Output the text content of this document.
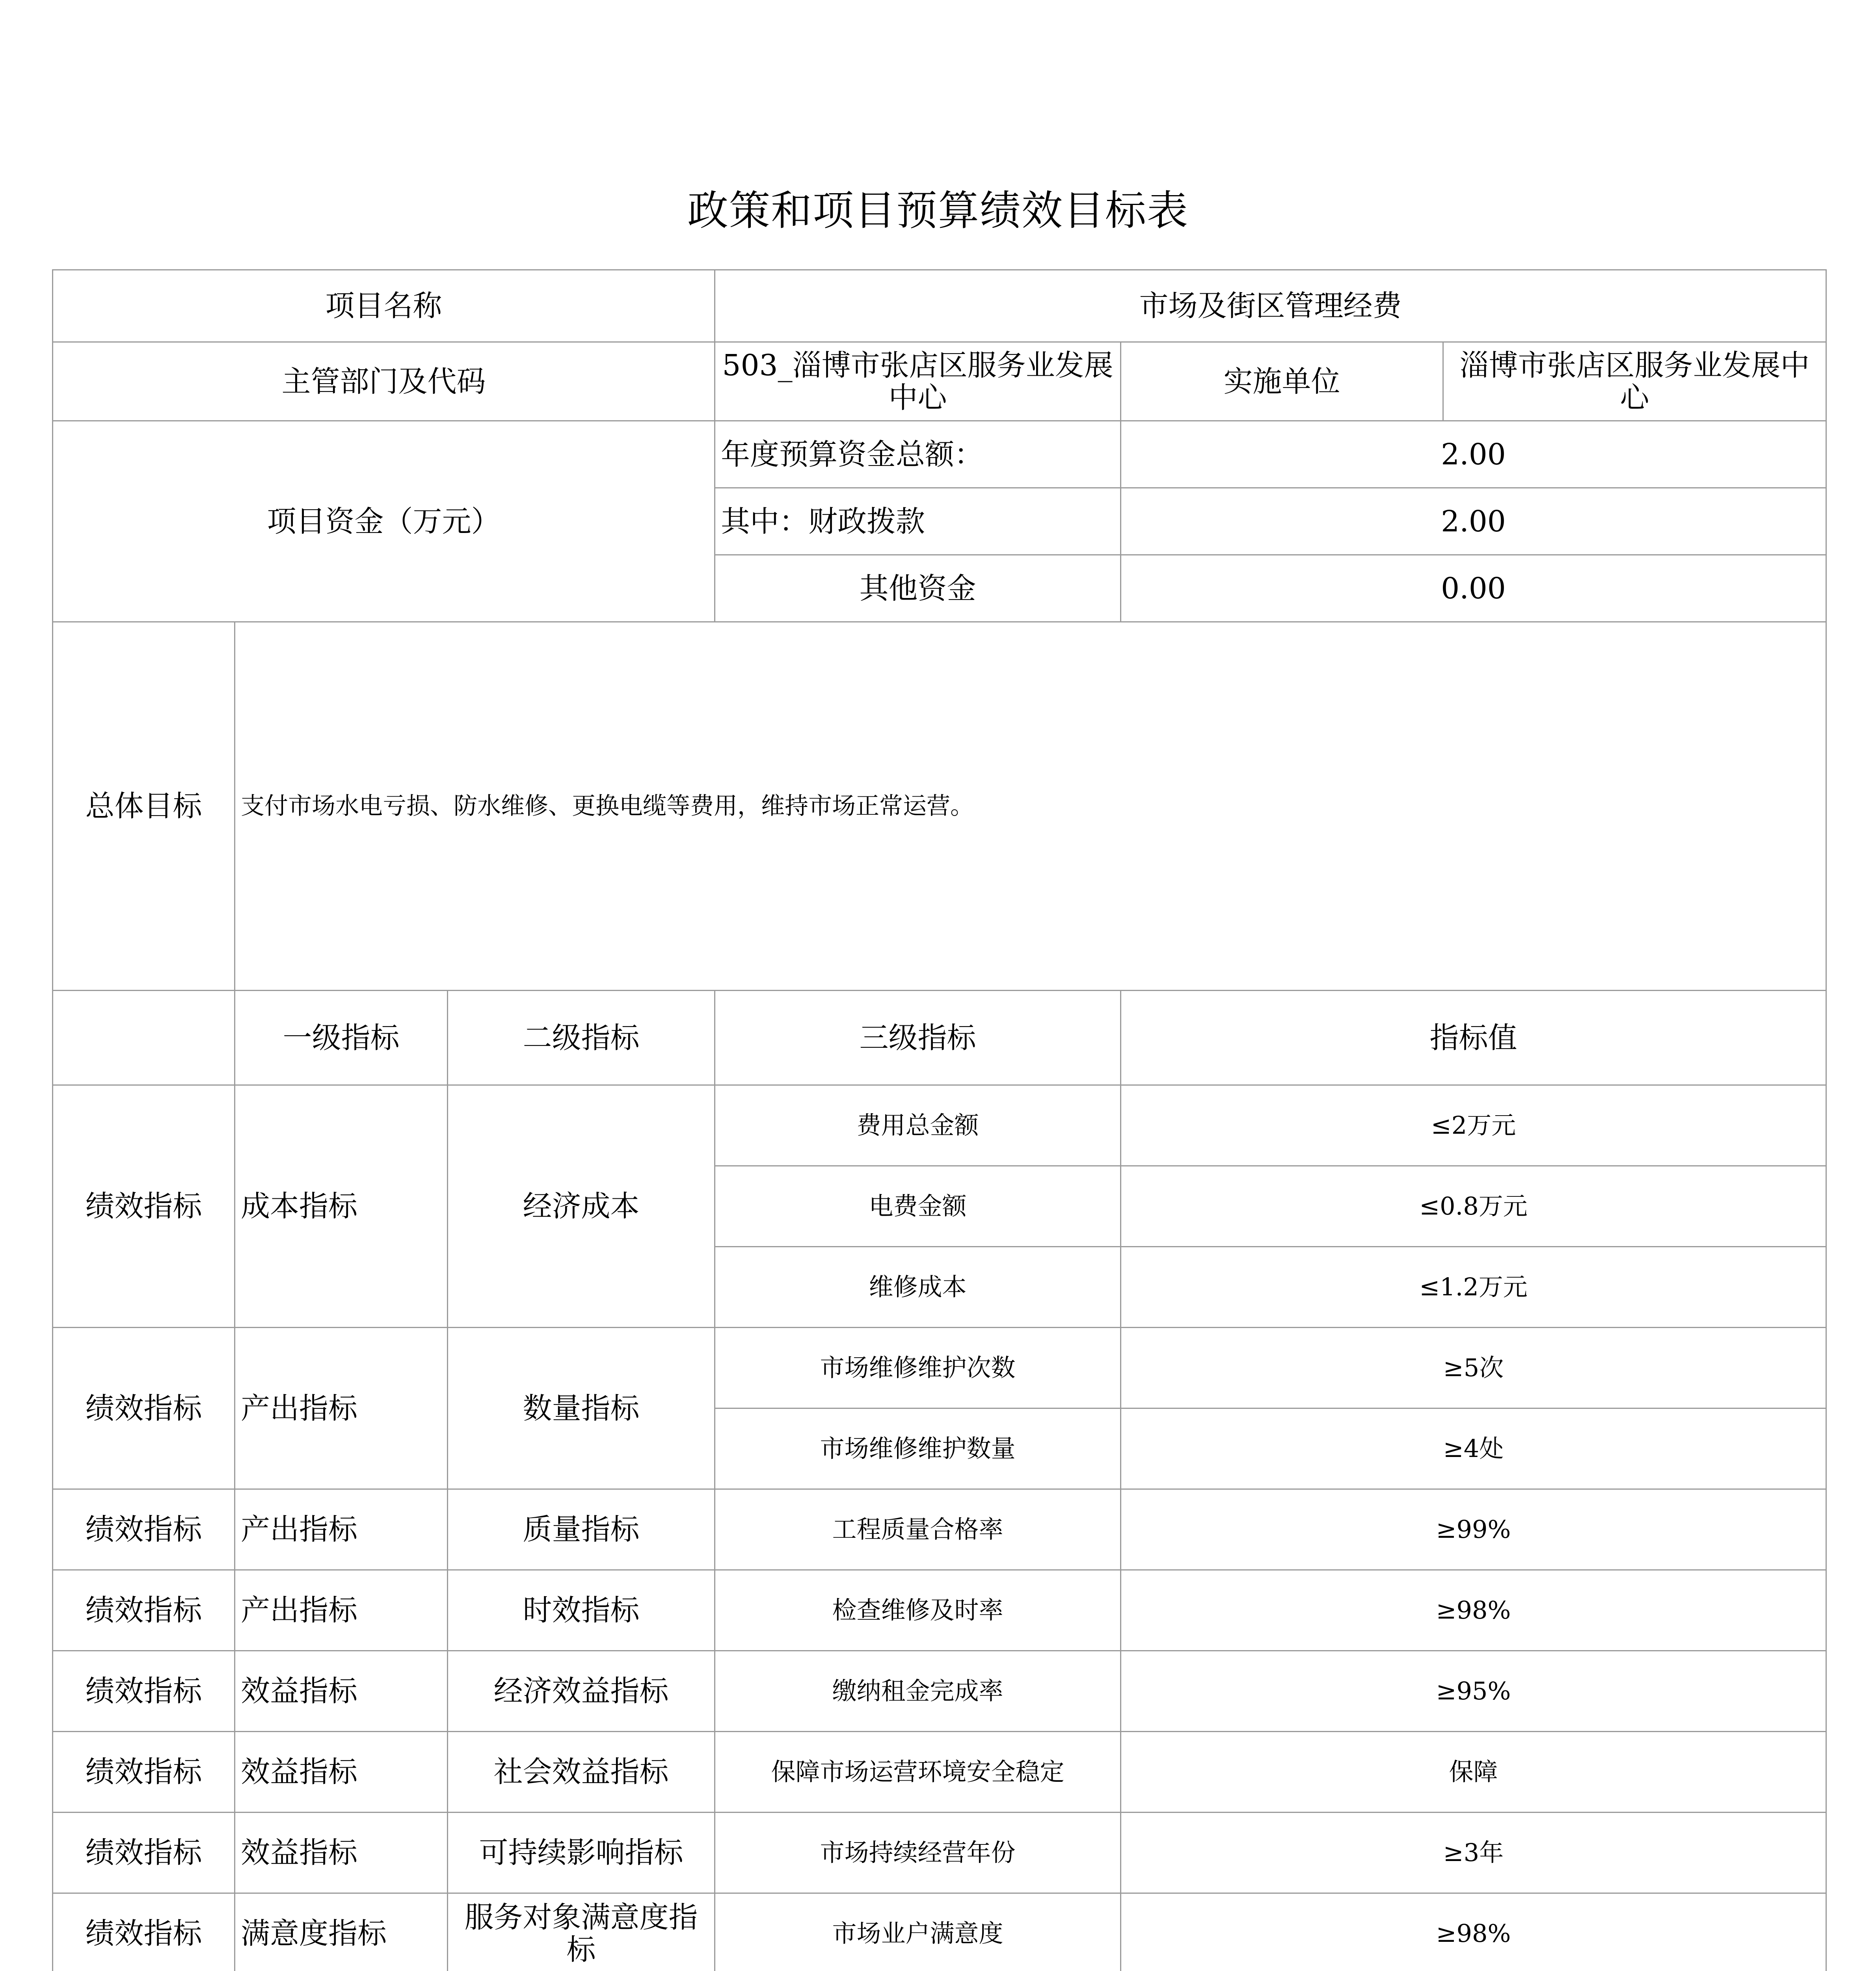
政策和项目预算绩效目标表
项目名称			市场及街区管理经费		
主管部门及代码			503_淄博市张店区服务业发展中心	实施单位	淄博市张店区服务业发展中心
项目资金（万元）			年度预算资金总额：	2.00	
			其中：财政拨款	2.00	
			其他资金	0.00	
总体目标	支付市场水电亏损、防水维修、更换电缆等费用，维持市场正常运营。				
	一级指标	二级指标	三级指标	指标值	
绩效指标	成本指标	经济成本	费用总金额	≤2万元	
			电费金额	≤0.8万元	
			维修成本	≤1.2万元	
绩效指标	产出指标	数量指标	市场维修维护次数	≥5次	
			市场维修维护数量	≥4处	
绩效指标	产出指标	质量指标	工程质量合格率	≥99%	
绩效指标	产出指标	时效指标	检查维修及时率	≥98%	
绩效指标	效益指标	经济效益指标	缴纳租金完成率	≥95%	
绩效指标	效益指标	社会效益指标	保障市场运营环境安全稳定	保障	
绩效指标	效益指标	可持续影响指标	市场持续经营年份	≥3年	
绩效指标	满意度指标	服务对象满意度指标	市场业户满意度	≥98%	
